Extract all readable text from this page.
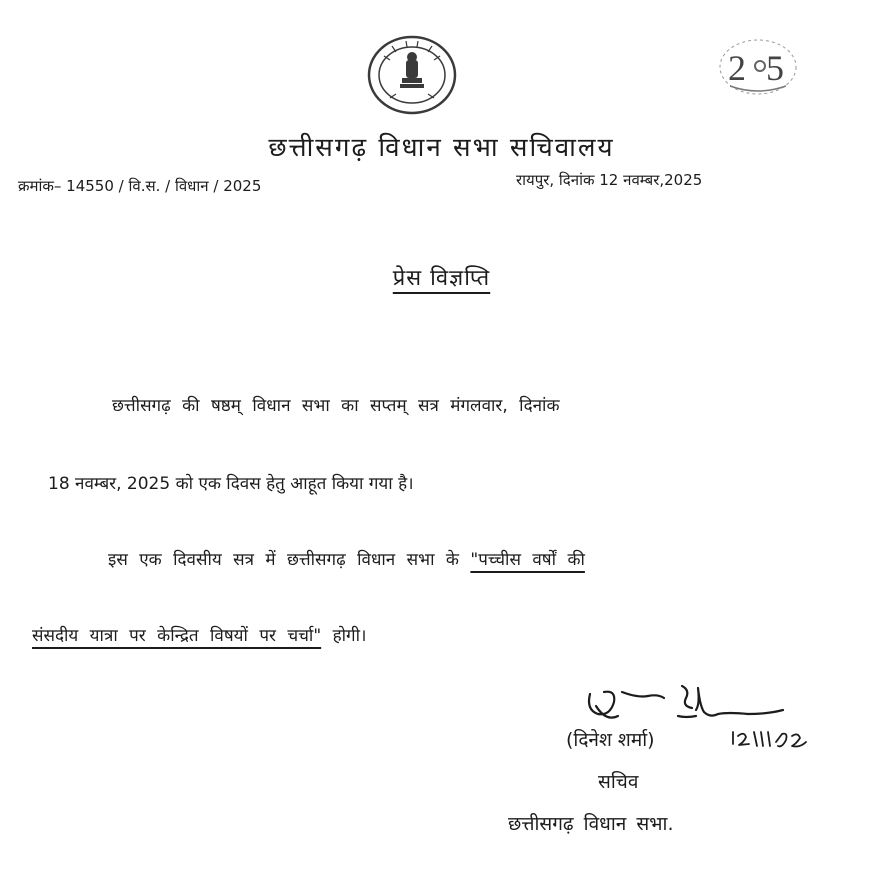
2 5
छत्तीसगढ़ विधान सभा सचिवालय
क्रमांक– 14550 / वि.स. / विधान / 2025	रायपुर, दिनांक 12 नवम्बर,2025
प्रेस विज्ञप्ति
छत्तीसगढ़ की षष्ठम् विधान सभा का सप्तम् सत्र मंगलवार, दिनांक
18 नवम्बर, 2025 को एक दिवस हेतु आहूत किया गया है।
इस एक दिवसीय सत्र में छत्तीसगढ़ विधान सभा के "पच्चीस वर्षों की
संसदीय यात्रा पर केन्द्रित विषयों पर चर्चा" होगी।
(दिनेश शर्मा)
सचिव
छत्तीसगढ़ विधान सभा.
